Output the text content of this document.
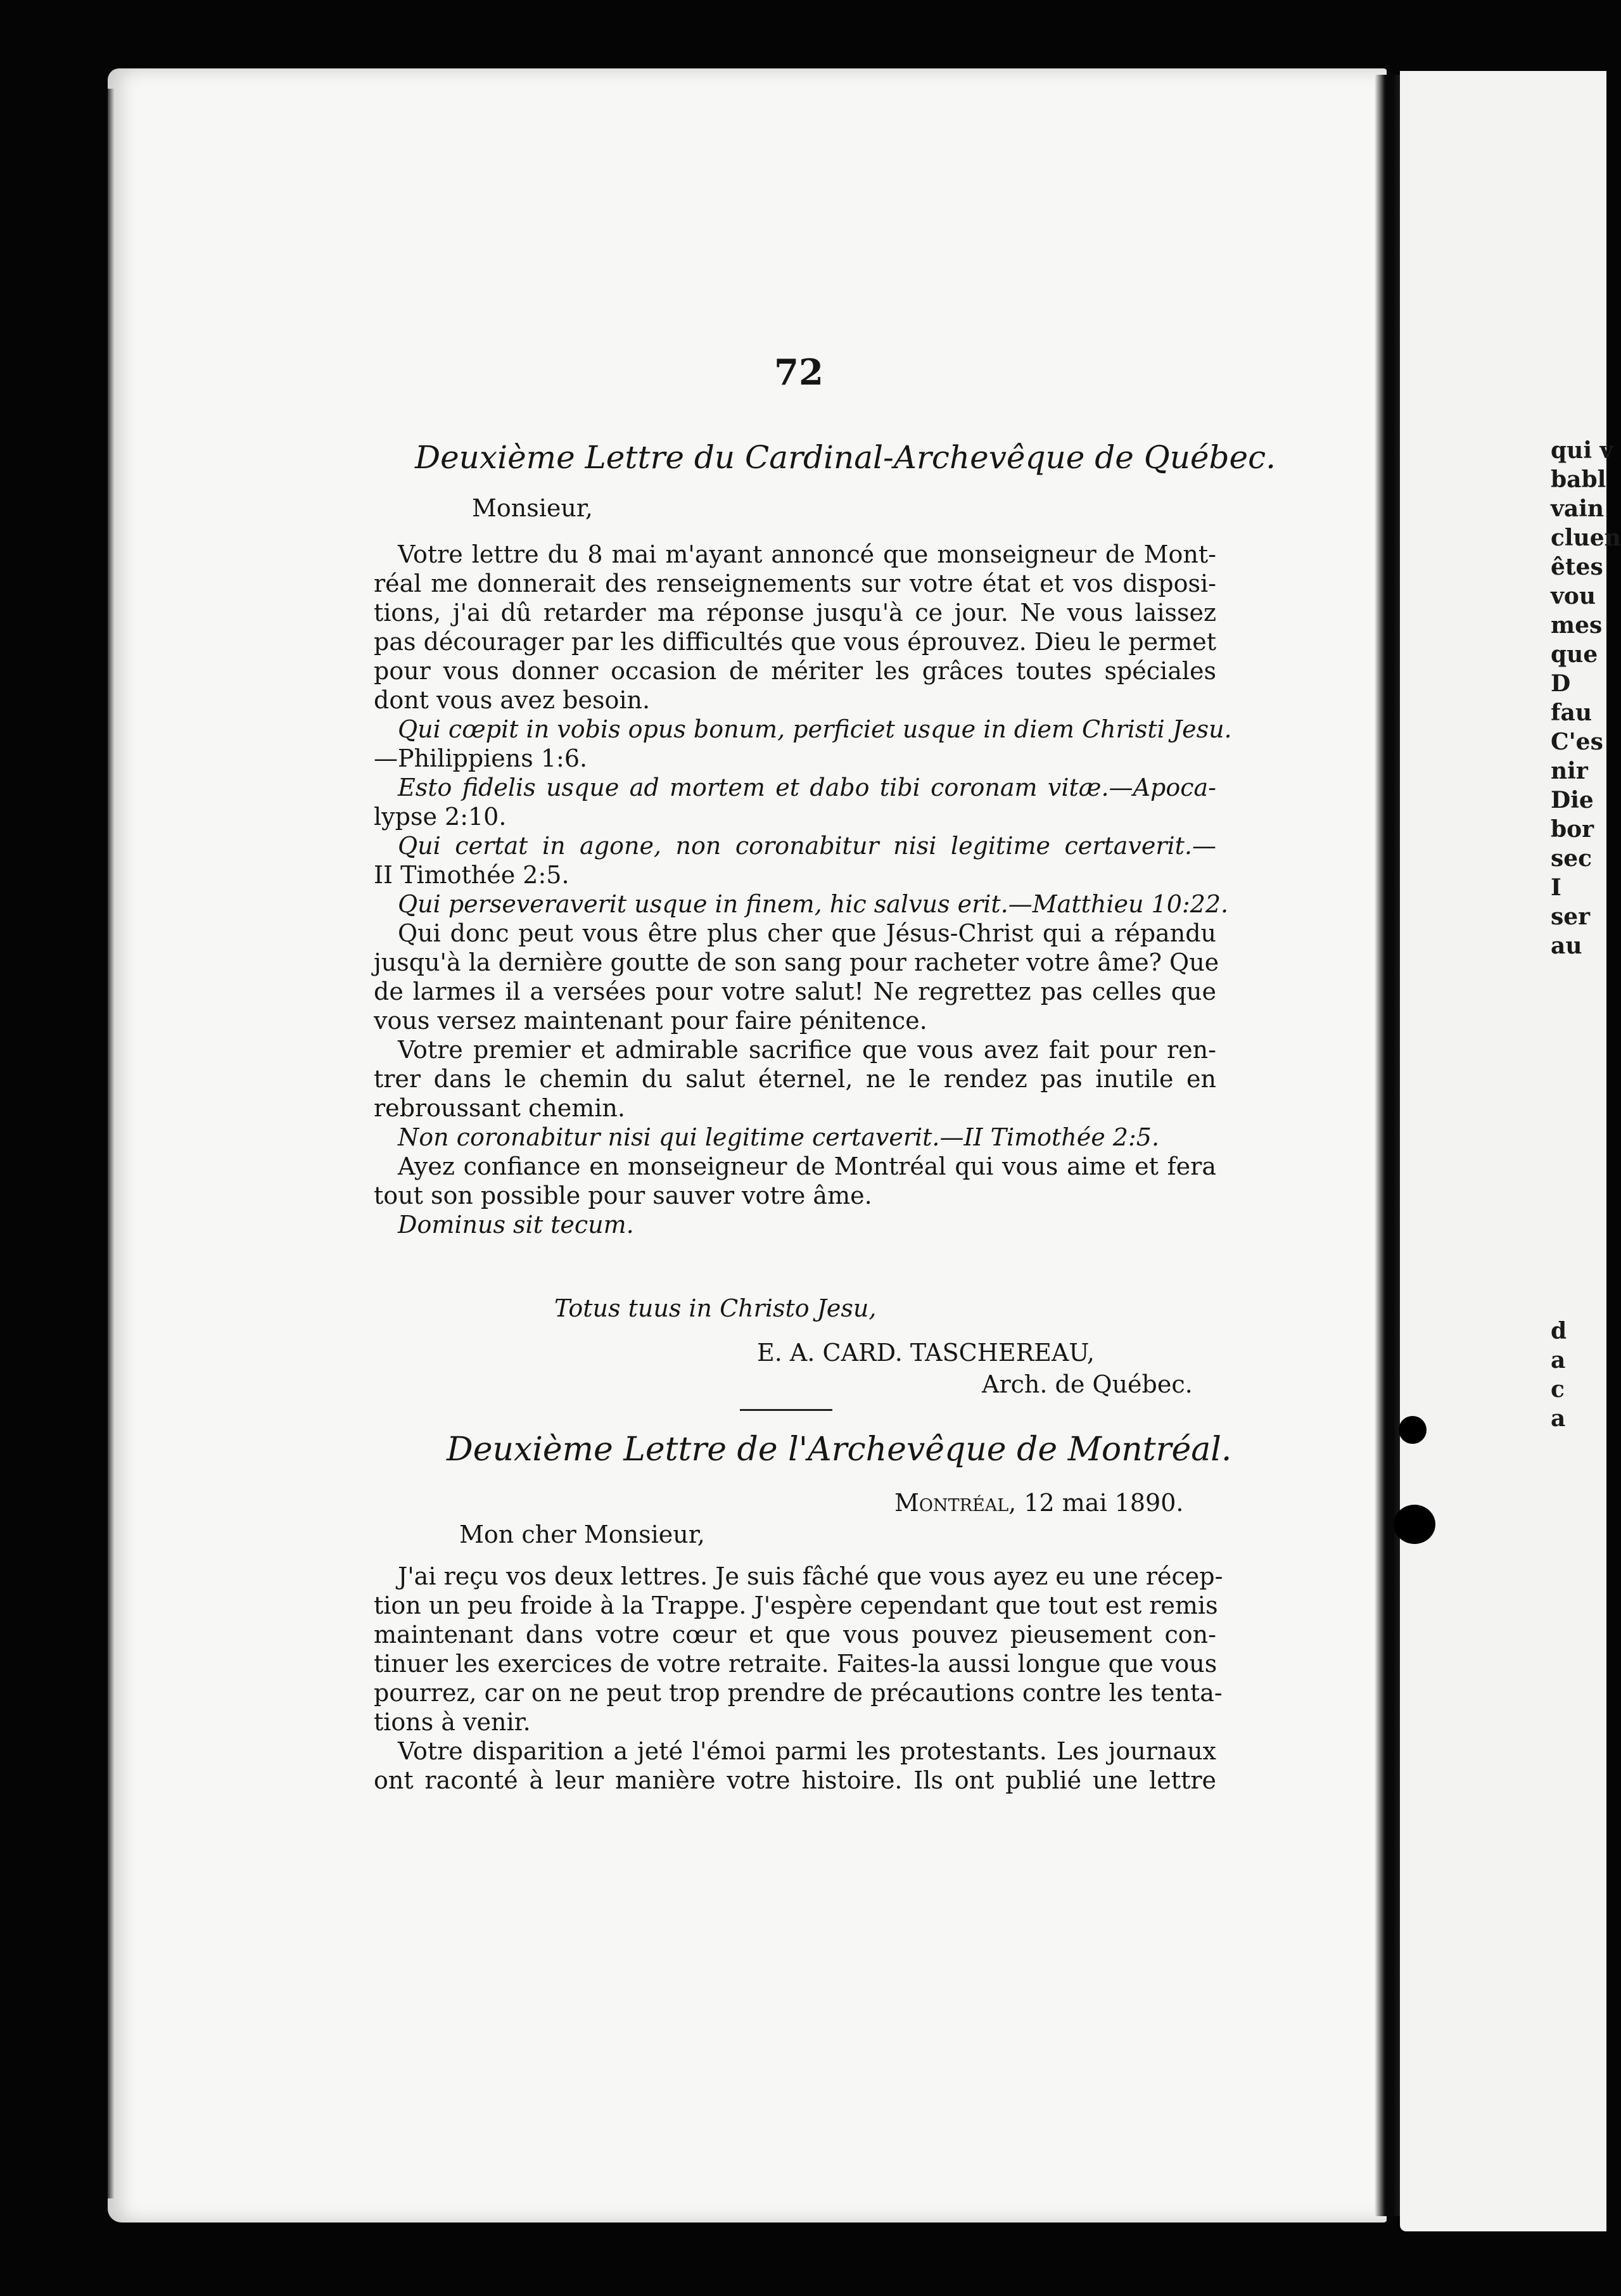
72
Deuxième Lettre du Cardinal-Archevêque de Québec.
Monsieur,
Votre lettre du 8 mai m'ayant annoncé que monseigneur de Mont-
réal me donnerait des renseignements sur votre état et vos disposi-
tions, j'ai dû retarder ma réponse jusqu'à ce jour. Ne vous laissez
pas décourager par les difficultés que vous éprouvez. Dieu le permet
pour vous donner occasion de mériter les grâces toutes spéciales
dont vous avez besoin.
Qui cœpit in vobis opus bonum, perficiet usque in diem Christi Jesu.
—Philippiens 1:6.
Esto fidelis usque ad mortem et dabo tibi coronam vitæ.—Apoca-
lypse 2:10.
Qui certat in agone, non coronabitur nisi legitime certaverit.—
II Timothée 2:5.
Qui perseveraverit usque in finem, hic salvus erit.—Matthieu 10:22.
Qui donc peut vous être plus cher que Jésus-Christ qui a répandu
jusqu'à la dernière goutte de son sang pour racheter votre âme? Que
de larmes il a versées pour votre salut! Ne regrettez pas celles que
vous versez maintenant pour faire pénitence.
Votre premier et admirable sacrifice que vous avez fait pour ren-
trer dans le chemin du salut éternel, ne le rendez pas inutile en
rebroussant chemin.
Non coronabitur nisi qui legitime certaverit.—II Timothée 2:5.
Ayez confiance en monseigneur de Montréal qui vous aime et fera
tout son possible pour sauver votre âme.
Dominus sit tecum.
Totus tuus in Christo Jesu,
E. A. CARD. TASCHEREAU,
Arch. de Québec.
Deuxième Lettre de l'Archevêque de Montréal.
Montréal, 12 mai 1890.
Mon cher Monsieur,
J'ai reçu vos deux lettres. Je suis fâché que vous ayez eu une récep-
tion un peu froide à la Trappe. J'espère cependant que tout est remis
maintenant dans votre cœur et que vous pouvez pieusement con-
tinuer les exercices de votre retraite. Faites-la aussi longue que vous
pourrez, car on ne peut trop prendre de précautions contre les tenta-
tions à venir.
Votre disparition a jeté l'émoi parmi les protestants. Les journaux
ont raconté à leur manière votre histoire. Ils ont publié une lettre
qui v
babl
vain
cluen
êtes
vou
mes
que
D
fau
C'es
nir
Die
bor
sec
I
ser
au
d
a
c
a
